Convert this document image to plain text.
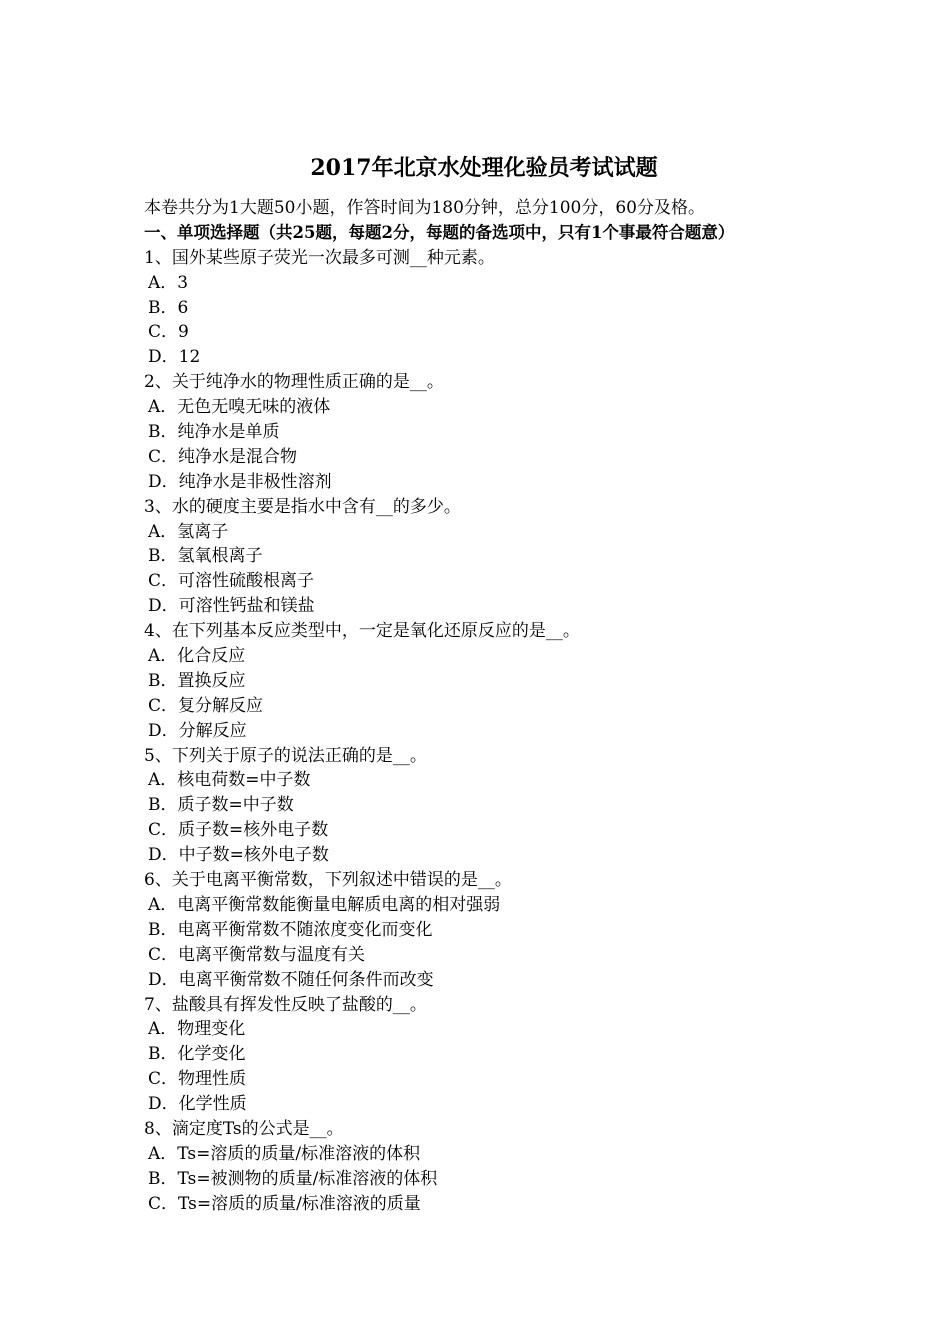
2017年北京水处理化验员考试试题
本卷共分为1大题50小题，作答时间为180分钟，总分100分，60分及格。
一、单项选择题（共25题，每题2分，每题的备选项中，只有1个事最符合题意）
1、国外某些原子荧光一次最多可测__种元素。
A．3
B．6
C．9
D．12
2、关于纯净水的物理性质正确的是__。
A．无色无嗅无味的液体
B．纯净水是单质
C．纯净水是混合物
D．纯净水是非极性溶剂
3、水的硬度主要是指水中含有__的多少。
A．氢离子
B．氢氧根离子
C．可溶性硫酸根离子
D．可溶性钙盐和镁盐
4、在下列基本反应类型中，一定是氧化还原反应的是__。
A．化合反应
B．置换反应
C．复分解反应
D．分解反应
5、下列关于原子的说法正确的是__。
A．核电荷数=中子数
B．质子数=中子数
C．质子数=核外电子数
D．中子数=核外电子数
6、关于电离平衡常数，下列叙述中错误的是__。
A．电离平衡常数能衡量电解质电离的相对强弱
B．电离平衡常数不随浓度变化而变化
C．电离平衡常数与温度有关
D．电离平衡常数不随任何条件而改变
7、盐酸具有挥发性反映了盐酸的__。
A．物理变化
B．化学变化
C．物理性质
D．化学性质
8、滴定度Ts的公式是__。
A．Ts=溶质的质量/标准溶液的体积
B．Ts=被测物的质量/标准溶液的体积
C．Ts=溶质的质量/标准溶液的质量
